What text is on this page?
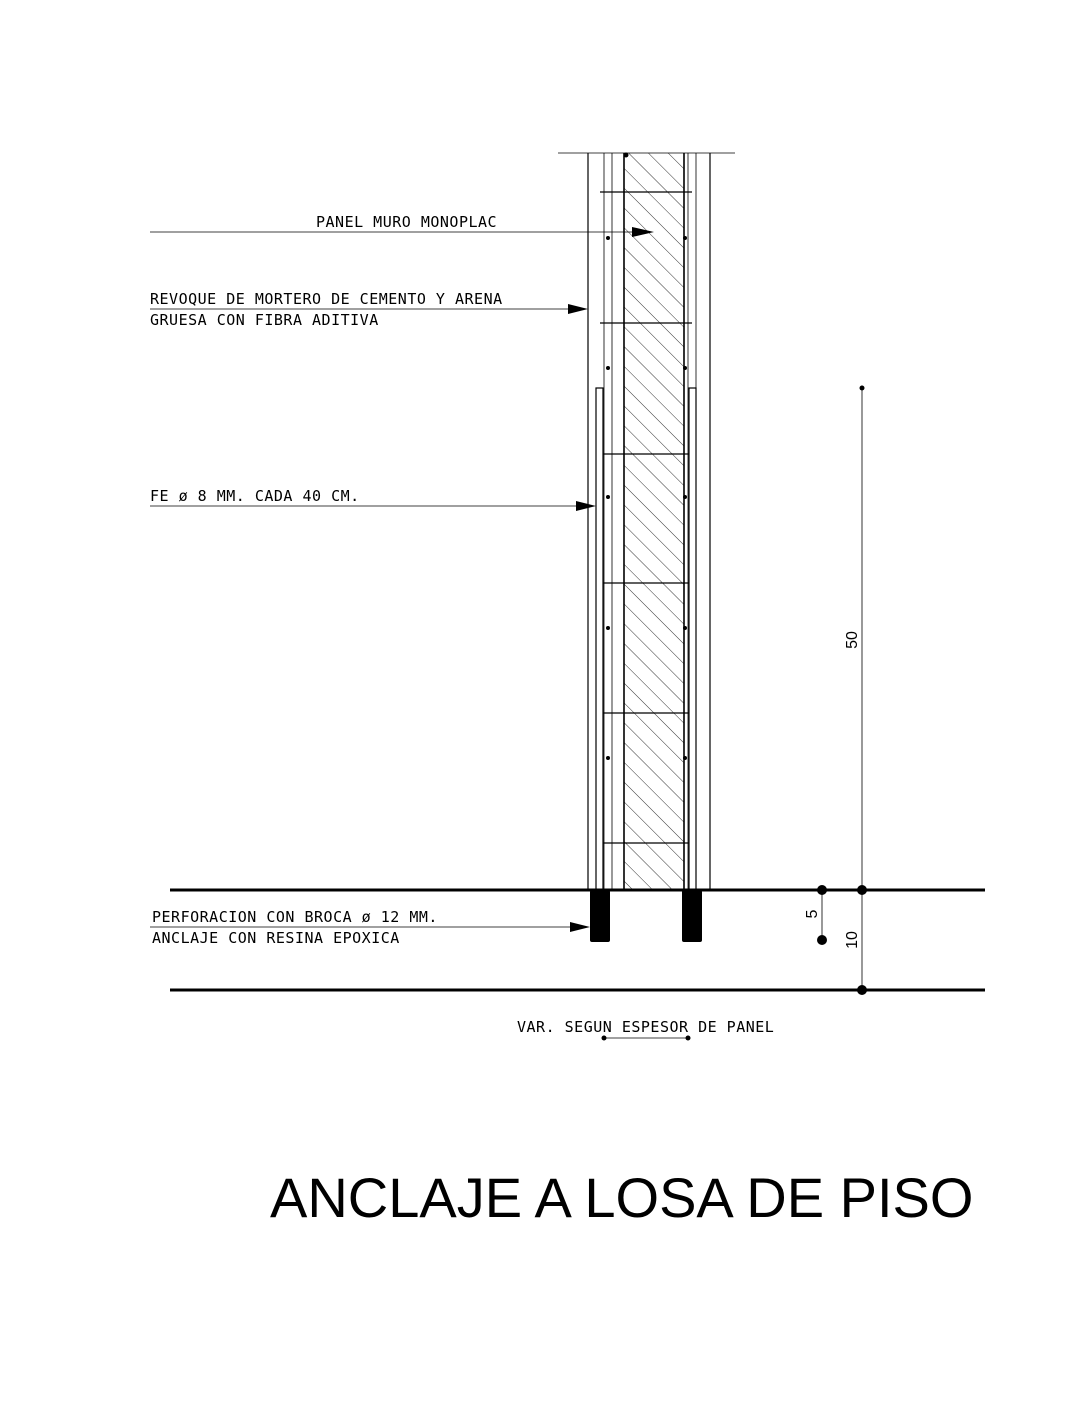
PANEL MURO MONOPLAC
REVOQUE DE MORTERO DE CEMENTO Y ARENA
GRUESA CON FIBRA ADITIVA
FE ø 8 MM. CADA 40 CM.
PERFORACION CON BROCA ø 12 MM.
ANCLAJE CON RESINA EPOXICA
VAR. SEGUN ESPESOR DE PANEL
50
10
5
ANCLAJE A LOSA DE PISO
